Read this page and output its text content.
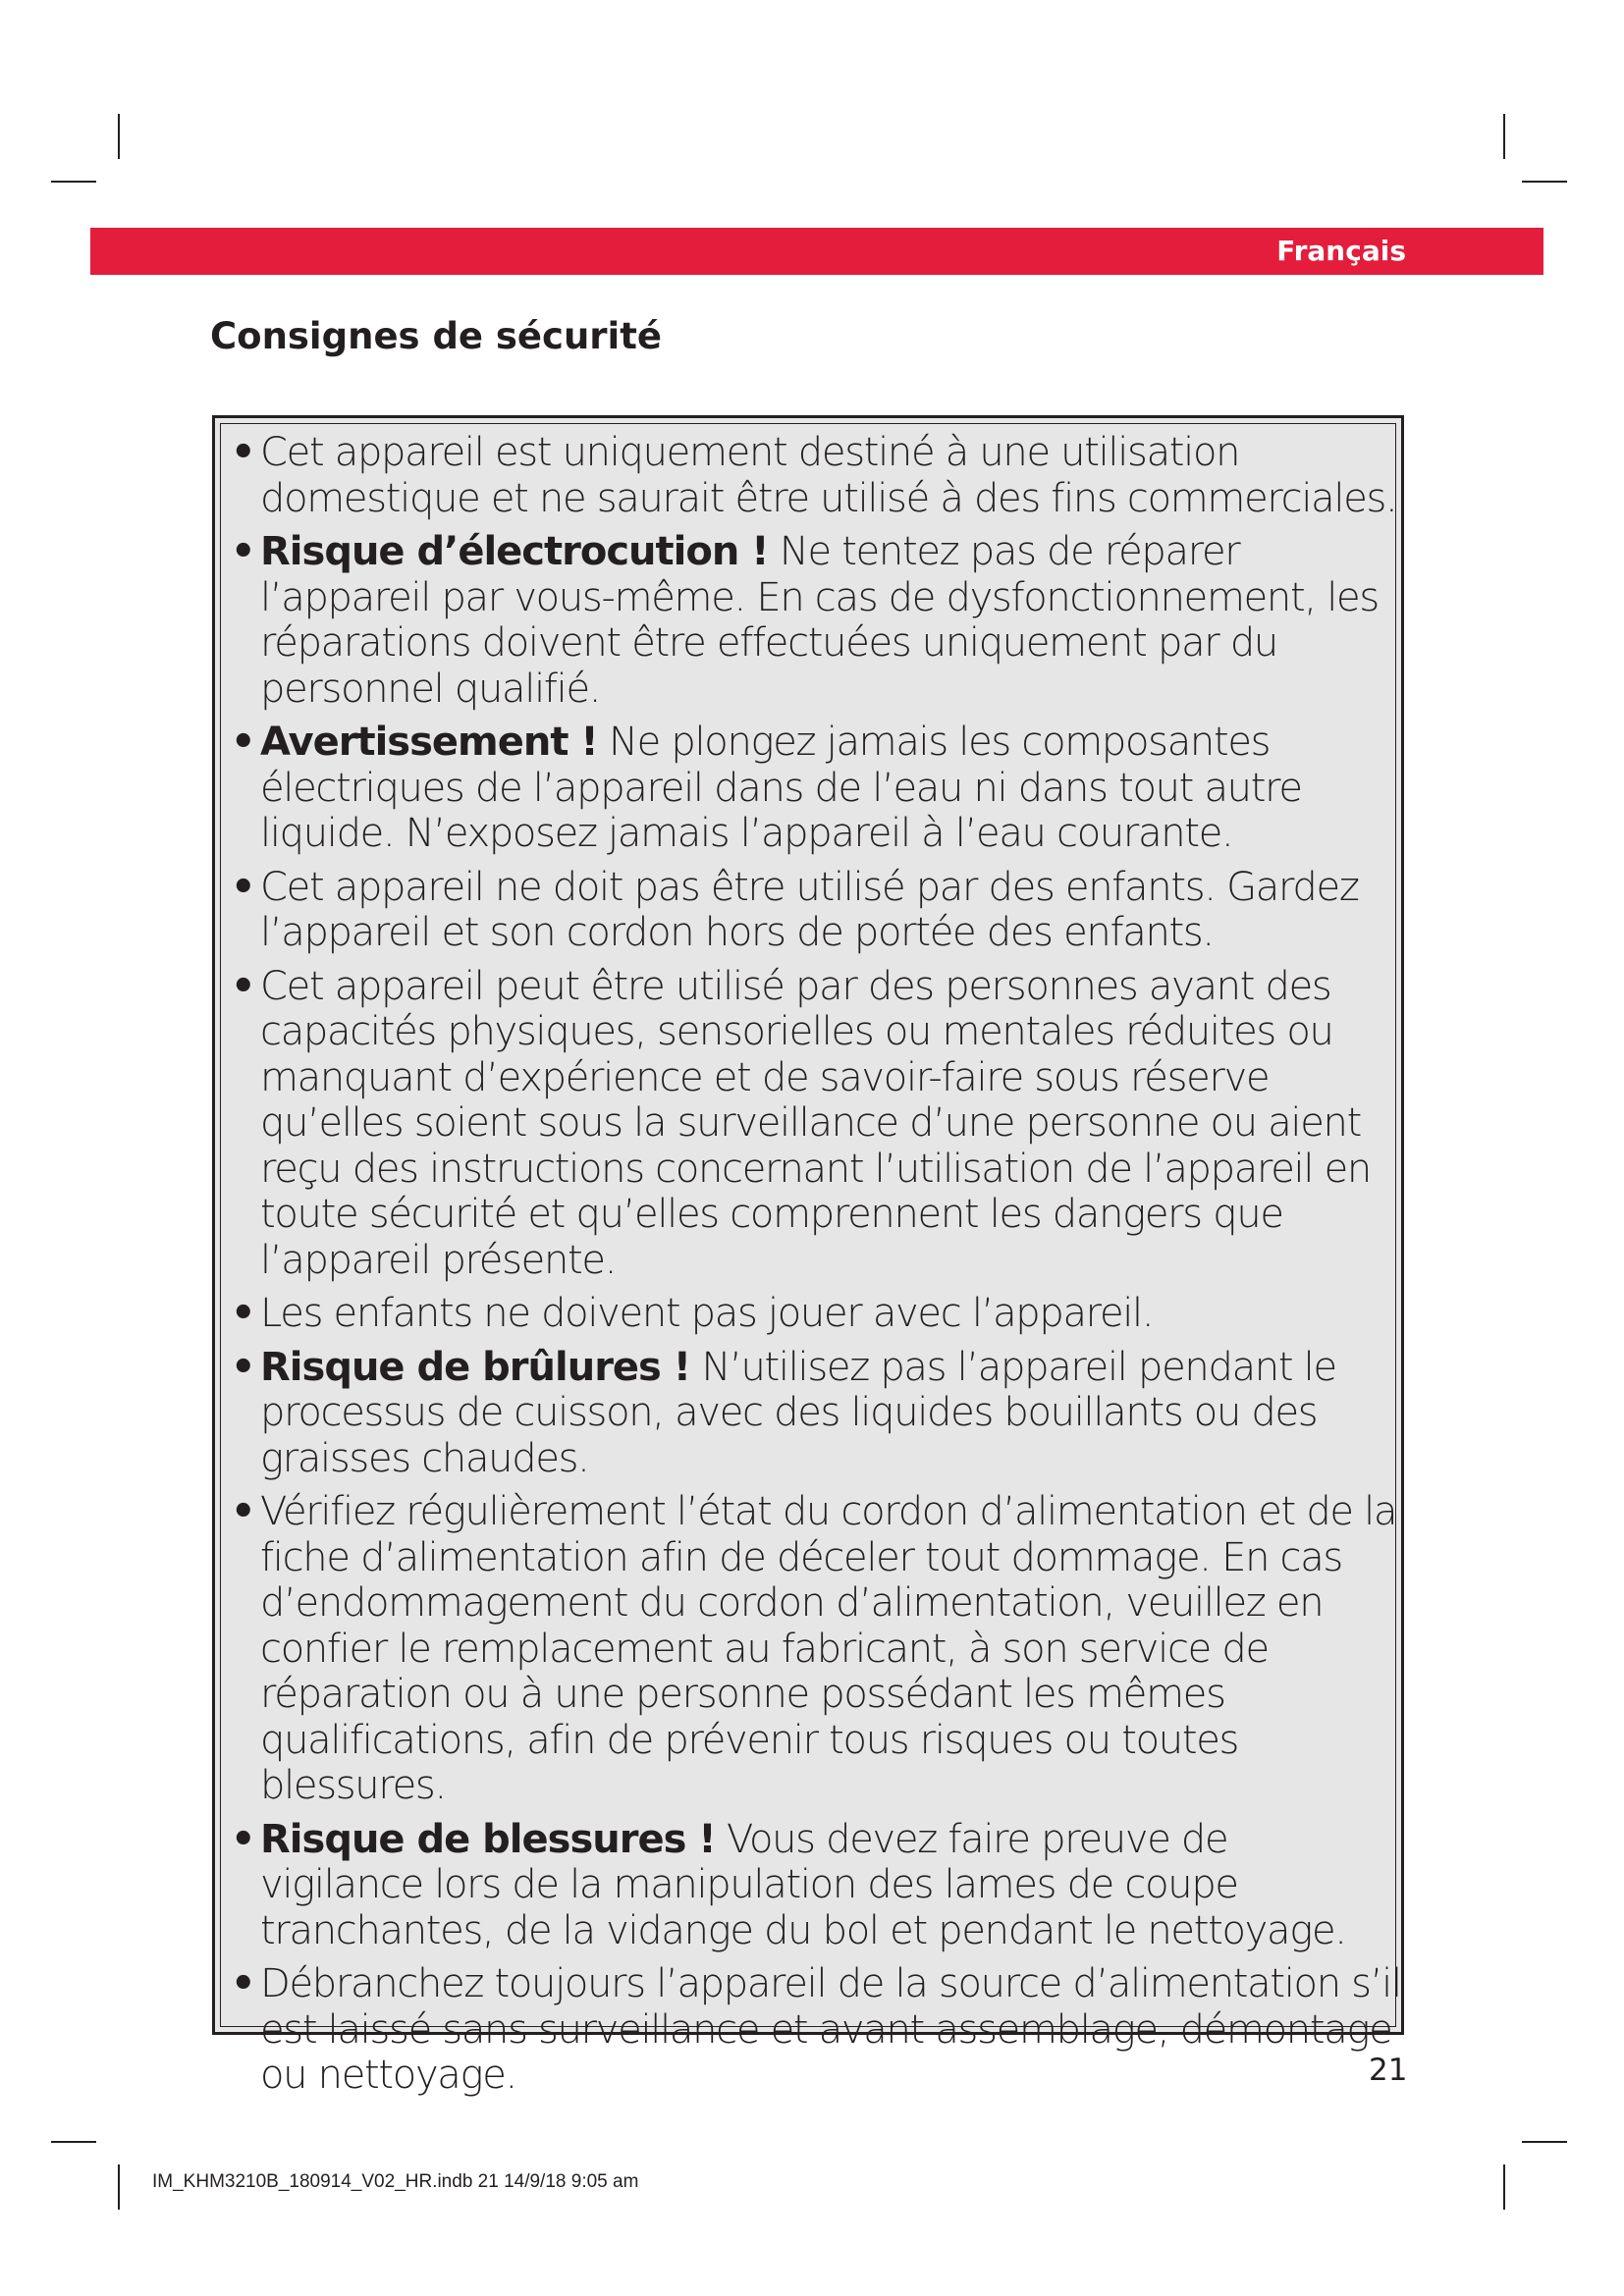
Français
Consignes de sécurité
• Cet appareil est uniquement destiné à une utilisation domestique et ne saurait être utilisé à des fins commerciales.
• Risque d’électrocution ! Ne tentez pas de réparer l’appareil par vous-même. En cas de dysfonctionnement, les réparations doivent être effectuées uniquement par du personnel qualifié.
• Avertissement ! Ne plongez jamais les composantes électriques de l’appareil dans de l’eau ni dans tout autre liquide. N’exposez jamais l’appareil à l’eau courante.
• Cet appareil ne doit pas être utilisé par des enfants. Gardez l’appareil et son cordon hors de portée des enfants.
• Cet appareil peut être utilisé par des personnes ayant des capacités physiques, sensorielles ou mentales réduites ou manquant d’expérience et de savoir-faire sous réserve qu’elles soient sous la surveillance d’une personne ou aient reçu des instructions concernant l’utilisation de l’appareil en toute sécurité et qu’elles comprennent les dangers que l’appareil présente.
• Les enfants ne doivent pas jouer avec l’appareil.
• Risque de brûlures ! N’utilisez pas l’appareil pendant le processus de cuisson, avec des liquides bouillants ou des graisses chaudes.
• Vérifiez régulièrement l’état du cordon d’alimentation et de la fiche d’alimentation afin de déceler tout dommage. En cas d’endommagement du cordon d’alimentation, veuillez en confier le remplacement au fabricant, à son service de réparation ou à une personne possédant les mêmes qualifications, afin de prévenir tous risques ou toutes blessures.
• Risque de blessures ! Vous devez faire preuve de vigilance lors de la manipulation des lames de coupe tranchantes, de la vidange du bol et pendant le nettoyage.
• Débranchez toujours l’appareil de la source d’alimentation s’il est laissé sans surveillance et avant assemblage, démontage ou nettoyage.	21
IM_KHM3210B_180914_V02_HR.indb 21 14/9/18 9:05 am
